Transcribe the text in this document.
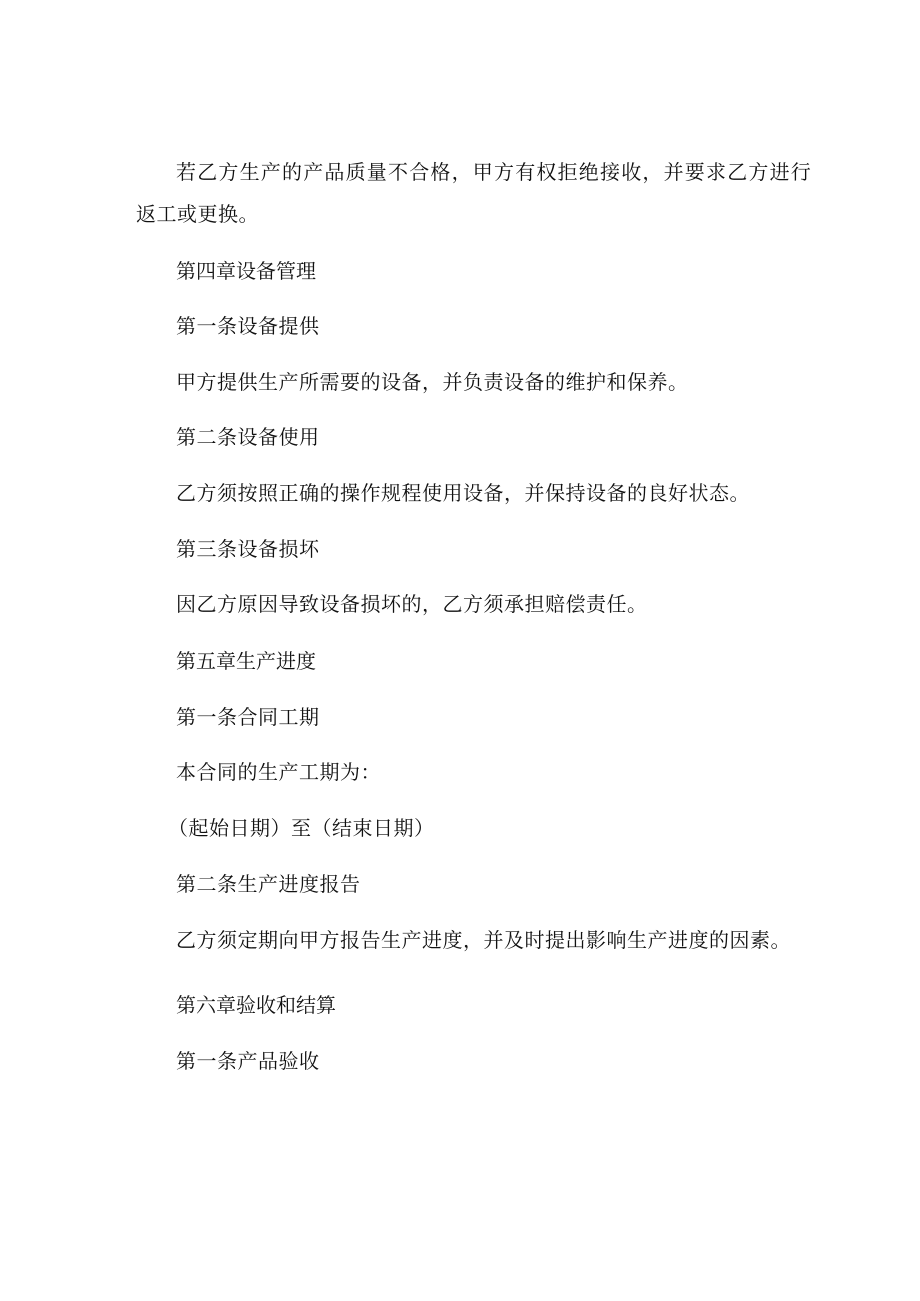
若乙方生产的产品质量不合格，甲方有权拒绝接收，并要求乙方进行
返工或更换。
第四章设备管理
第一条设备提供
甲方提供生产所需要的设备，并负责设备的维护和保养。
第二条设备使用
乙方须按照正确的操作规程使用设备，并保持设备的良好状态。
第三条设备损坏
因乙方原因导致设备损坏的，乙方须承担赔偿责任。
第五章生产进度
第一条合同工期
本合同的生产工期为：
（起始日期）至（结束日期）
第二条生产进度报告
乙方须定期向甲方报告生产进度，并及时提出影响生产进度的因素。
第六章验收和结算
第一条产品验收
